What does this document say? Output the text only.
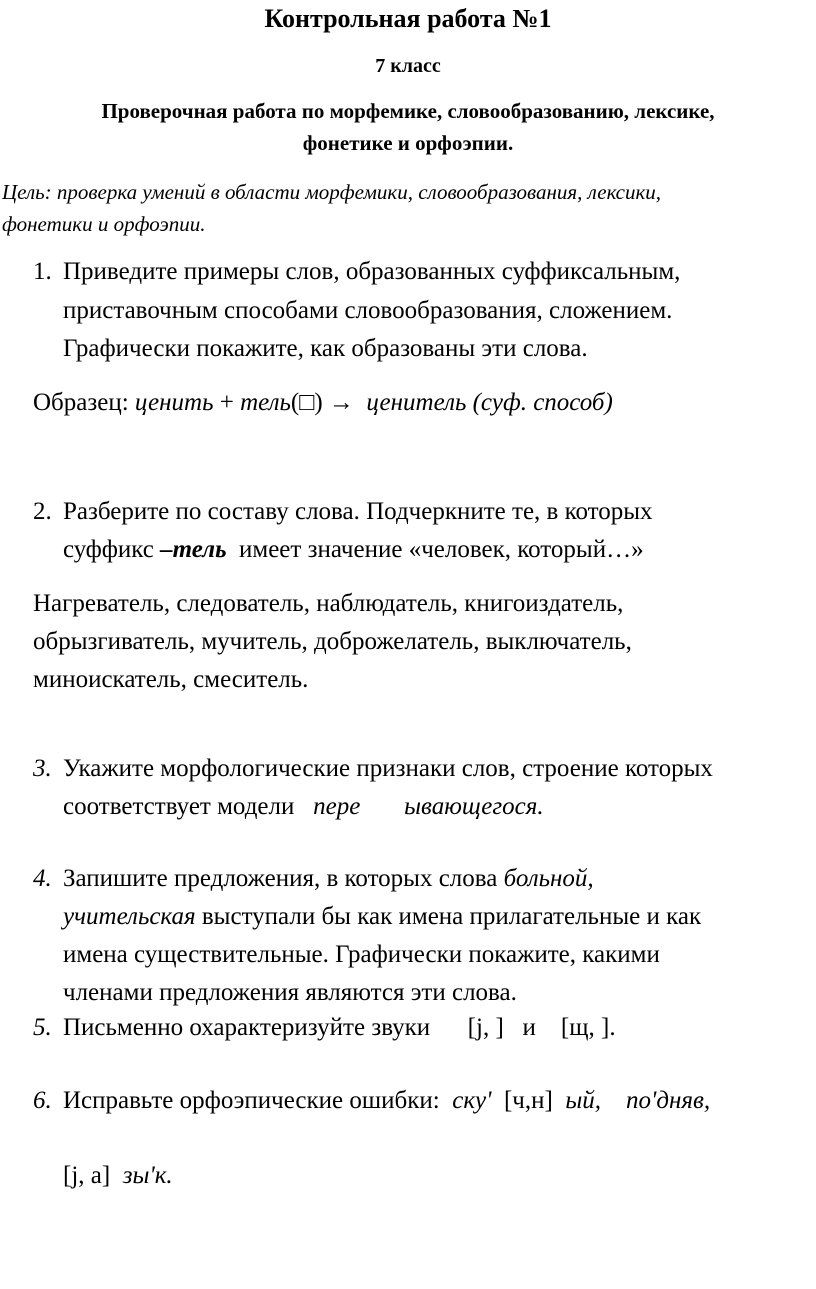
Контрольная работа №1
7 класс
Проверочная работа по морфемике, словообразованию, лексике,
фонетике и орфоэпии.
Цель: проверка умений в области морфемики, словообразования, лексики,
фонетики и орфоэпии.
1. Приведите примеры слов, образованных суффиксальным,
приставочным способами словообразования, сложением.
Графически покажите, как образованы эти слова.
Образец: ценить + тель(□) → ценитель (суф. способ)
2. Разберите по составу слова. Подчеркните те, в которых
суффикс –тель имеет значение «человек, который…»
Нагреватель, следователь, наблюдатель, книгоиздатель,
обрызгиватель, мучитель, доброжелатель, выключатель,
миноискатель, смеситель.
3. Укажите морфологические признаки слов, строение которых
соответствует модели пере ывающегося.
4. Запишите предложения, в которых слова больной,
учительская выступали бы как имена прилагательные и как
имена существительные. Графически покажите, какими
членами предложения являются эти слова.
5. Письменно охарактеризуйте звуки [j, ] и [щ, ].
6. Исправьте орфоэпические ошибки: ску' [ч,н] ый, по'дняв,
[j, а] зы'к.
